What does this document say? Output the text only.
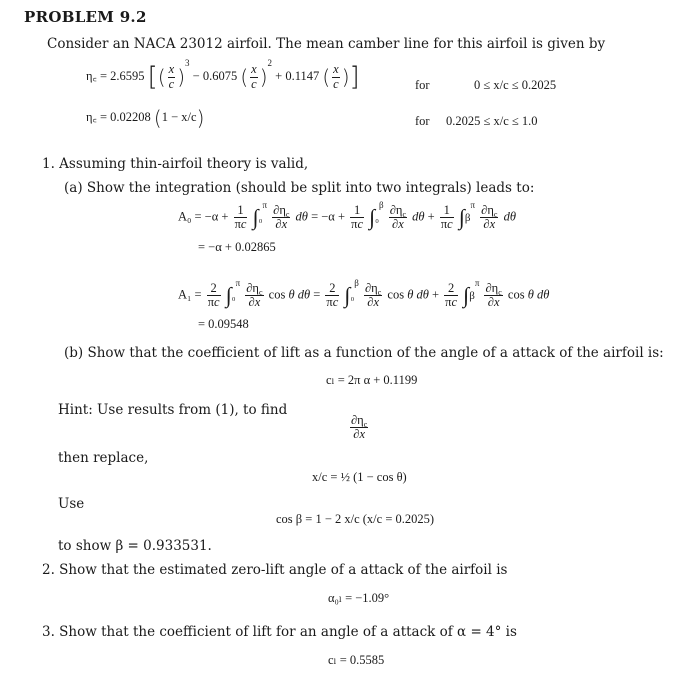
PROBLEM 9.2
Consider an NACA 23012 airfoil. The mean camber line for this airfoil is given by
η꜀ = 2.6595 [( $\frac{x}{c} )^3 - 0.6075$ ( $\frac{x}{c} )^2 + 0.1147$ ( $\frac{x}{c}$ )]	for	0 ≤ x/c ≤ 0.2025
η꜀ = 0.02208 (1 − x/c)	for 0.2025 ≤ x/c ≤ 1.0
1. Assuming thin-airfoil theory is valid,
(a) Show the integration (should be split into two integrals) leads to:
$A_0 = -\alpha + \frac{1}{\pi c} \int_0^\pi \frac{\partial\eta c}{\partial x}$ $d\theta = -\alpha + \frac{1}{\pi c} \int_0^\beta \frac{\partial\eta c}{\partial x}$ $d\theta + \frac{1}{\pi c} \int\beta^\pi \frac{\partial\eta c}{\partial x}$ dθ
= −α + 0.02865
$A_1 = \frac{2}{\pi c} \int_0^\pi \frac{\partial\eta c}{\partial x}$ cos θ $d\theta = \frac{2}{\pi c} \int_0^\beta \frac{\partial\eta c}{\partial x}$ cos θ $d\theta + \frac{2}{\pi c} \int\beta^\pi \frac{\partial\eta c}{\partial x}$ cos θ dθ
= 0.09548
(b) Show that the coefficient of lift as a function of the angle of a attack of the airfoil is:
cₗ = 2π α + 0.1199
Hint: Use results from (1), to find
$\frac{\partial\eta c}{\partial x}$
then replace,
x/c = ½ (1 − cos θ)
Use
cos β = 1 − 2 x/c (x/c = 0.2025)
to show β = 0.933531.
2. Show that the estimated zero-lift angle of a attack of the airfoil is
α₀ₗ = −1.09°
3. Show that the coefficient of lift for an angle of a attack of α = 4° is
cₗ = 0.5585
